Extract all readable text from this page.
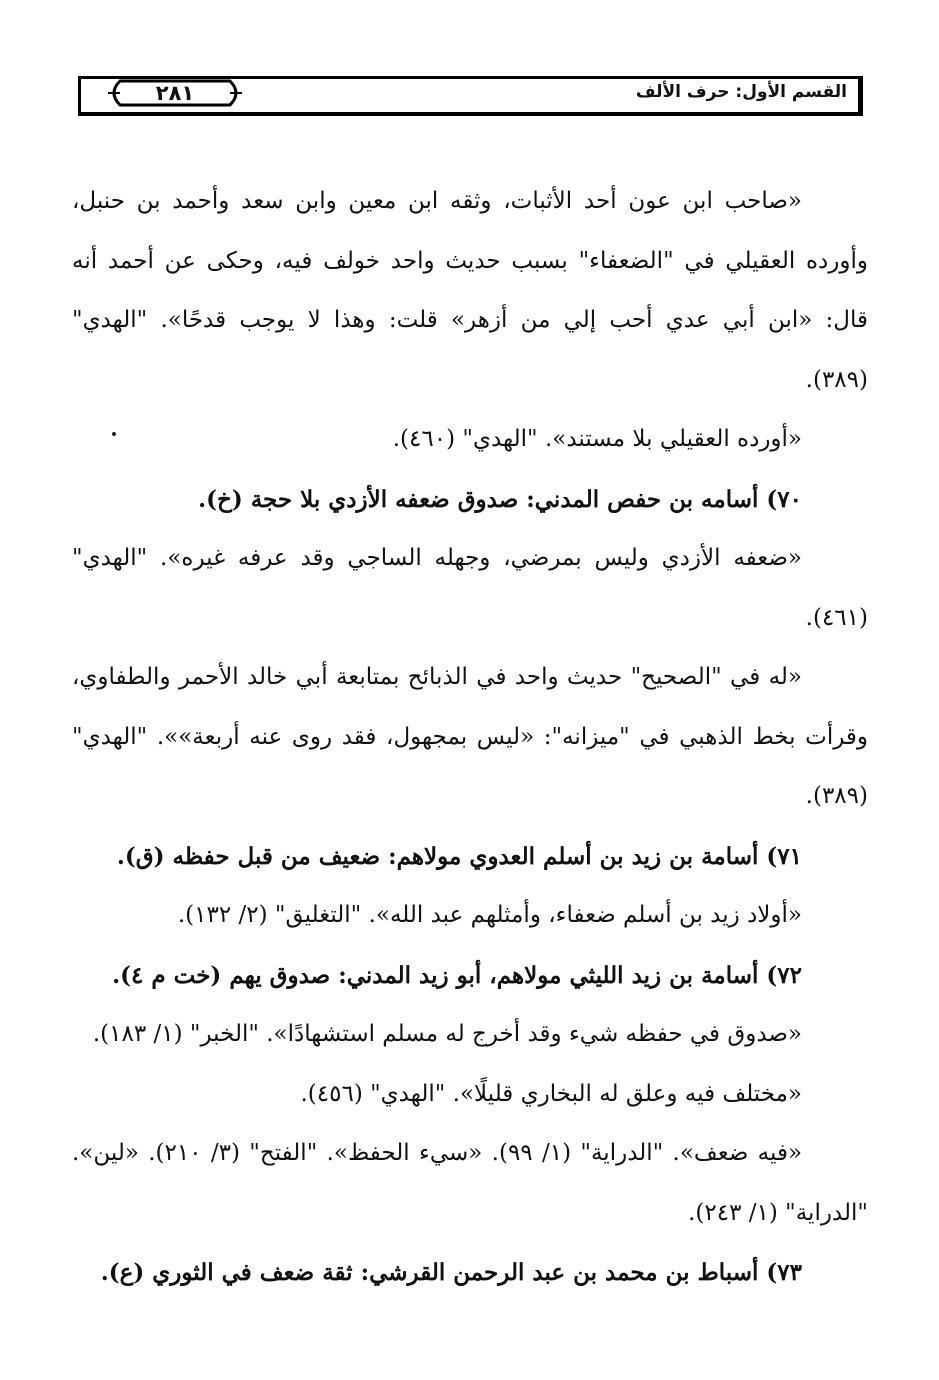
القسم الأول: حرف الألف
٢٨١
«صاحب ابن عون أحد الأثبات، وثقه ابن معين وابن سعد وأحمد بن حنبل،
وأورده العقيلي في "الضعفاء" بسبب حديث واحد خولف فيه، وحكى عن أحمد أنه
قال: «ابن أبي عدي أحب إلي من أزهر» قلت: وهذا لا يوجب قدحًا». "الهدي"
(٣٨٩).
«أورده العقيلي بلا مستند». "الهدي" (٤٦٠).
٧٠) أسامه بن حفص المدني: صدوق ضعفه الأزدي بلا حجة (خ).
«ضعفه الأزدي وليس بمرضي، وجهله الساجي وقد عرفه غيره». "الهدي"
(٤٦١).
«له في "الصحيح" حديث واحد في الذبائح بمتابعة أبي خالد الأحمر والطفاوي،
وقرأت بخط الذهبي في "ميزانه": «ليس بمجهول، فقد روى عنه أربعة»». "الهدي"
(٣٨٩).
٧١) أسامة بن زيد بن أسلم العدوي مولاهم: ضعيف من قبل حفظه (ق).
«أولاد زيد بن أسلم ضعفاء، وأمثلهم عبد الله». "التغليق" (٢/ ١٣٢).
٧٢) أسامة بن زيد الليثي مولاهم، أبو زيد المدني: صدوق يهم (خت م ٤).
«صدوق في حفظه شيء وقد أخرج له مسلم استشهادًا». "الخبر" (١/ ١٨٣).
«مختلف فيه وعلق له البخاري قليلًا». "الهدي" (٤٥٦).
«فيه ضعف». "الدراية" (١/ ٩٩). «سيء الحفظ». "الفتح" (٣/ ٢١٠). «لين».
"الدراية" (١/ ٢٤٣).
٧٣) أسباط بن محمد بن عبد الرحمن القرشي: ثقة ضعف في الثوري (ع).
